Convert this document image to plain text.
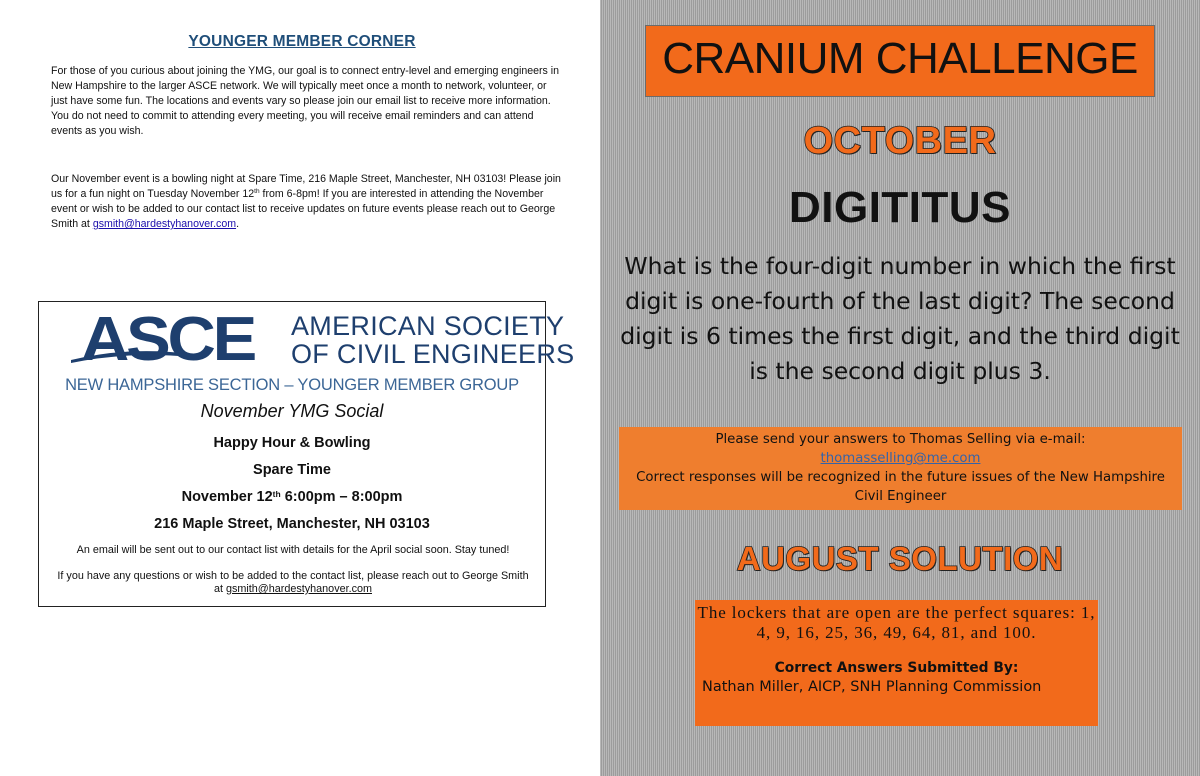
YOUNGER MEMBER CORNER
For those of you curious about joining the YMG, our goal is to connect entry-level and emerging engineers in New Hampshire to the larger ASCE network. We will typically meet once a month to network, volunteer, or just have some fun. The locations and events vary so please join our email list to receive more information. You do not need to commit to attending every meeting, you will receive email reminders and can attend events as you wish.
Our November event is a bowling night at Spare Time, 216 Maple Street, Manchester, NH 03103! Please join us for a fun night on Tuesday November 12th from 6-8pm! If you are interested in attending the November event or wish to be added to our contact list to receive updates on future events please reach out to George Smith at gsmith@hardestyhanover.com.
ASCE AMERICAN SOCIETY
OF CIVIL ENGINEERS
NEW HAMPSHIRE SECTION – YOUNGER MEMBER GROUP
November YMG Social
Happy Hour & Bowling
Spare Time
November 12th 6:00pm – 8:00pm
216 Maple Street, Manchester, NH 03103
An email will be sent out to our contact list with details for the April social soon. Stay tuned!
If you have any questions or wish to be added to the contact list, please reach out to George Smith at gsmith@hardestyhanover.com
CRANIUM CHALLENGE
OCTOBER
DIGITITUS
What is the four-digit number in which the first digit is one-fourth of the last digit? The second digit is 6 times the first digit, and the third digit is the second digit plus 3.
Please send your answers to Thomas Selling via e-mail:
thomasselling@me.com
Correct responses will be recognized in the future issues of the New Hampshire
Civil Engineer
AUGUST SOLUTION
The lockers that are open are the perfect squares: 1, 4, 9, 16, 25, 36, 49, 64, 81, and 100.
Correct Answers Submitted By:
Nathan Miller, AICP, SNH Planning Commission
